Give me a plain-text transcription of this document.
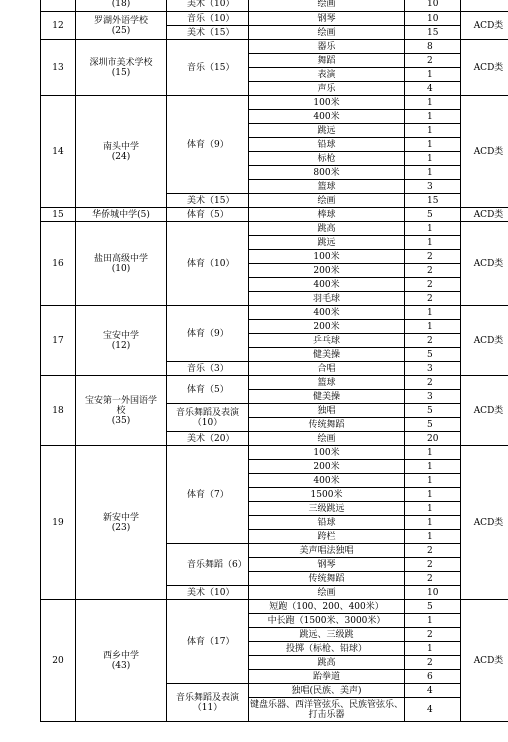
	(18)	美术（10）	绘画	10	
12	罗湖外语学校
(25)	音乐（10）	钢琴	10	ACD类
		美术（15）	绘画	15	
13	深圳市美术学校
(15)	音乐（15）	器乐	8	ACD类
			舞蹈	2	
			表演	1	
			声乐	4	
14	南头中学
(24)	体育（9）	100米	1	ACD类
			400米	1	
			跳远	1	
			铅球	1	
			标枪	1	
			800米	1	
			篮球	3	
		美术（15）	绘画	15	
15	华侨城中学(5)	体育（5）	棒球	5	ACD类
16	盐田高级中学
(10)	体育（10）	跳高	1	ACD类
			跳远	1	
			100米	2	
			200米	2	
			400米	2	
			羽毛球	2	
17	宝安中学
(12)	体育（9）	400米	1	ACD类
			200米	1	
			乒乓球	2	
			健美操	5	
		音乐（3）	合唱	3	
18	宝安第一外国语学
校
(35)	体育（5）	篮球	2	ACD类
			健美操	3	
		音乐舞蹈及表演
（10）	独唱	5	
			传统舞蹈	5	
		美术（20）	绘画	20	
19	新安中学
(23)	体育（7）	100米	1	ACD类
			200米	1	
			400米	1	
			1500米	1	
			三级跳远	1	
			铅球	1	
			跨栏	1	
		音乐舞蹈（6）	美声唱法独唱	2	
			钢琴	2	
			传统舞蹈	2	
		美术（10）	绘画	10	
20	西乡中学
(43)	体育（17）	短跑（100、200、400米）	5	ACD类
			中长跑（1500米、3000米）	1	
			跳远、三级跳	2	
			投掷（标枪、铅球）	1	
			跳高	2	
			跆拳道	6	
		音乐舞蹈及表演
（11）	独唱(民族、美声)	4	
			键盘乐器、西洋管弦乐、民族管弦乐、打击乐器	4	
